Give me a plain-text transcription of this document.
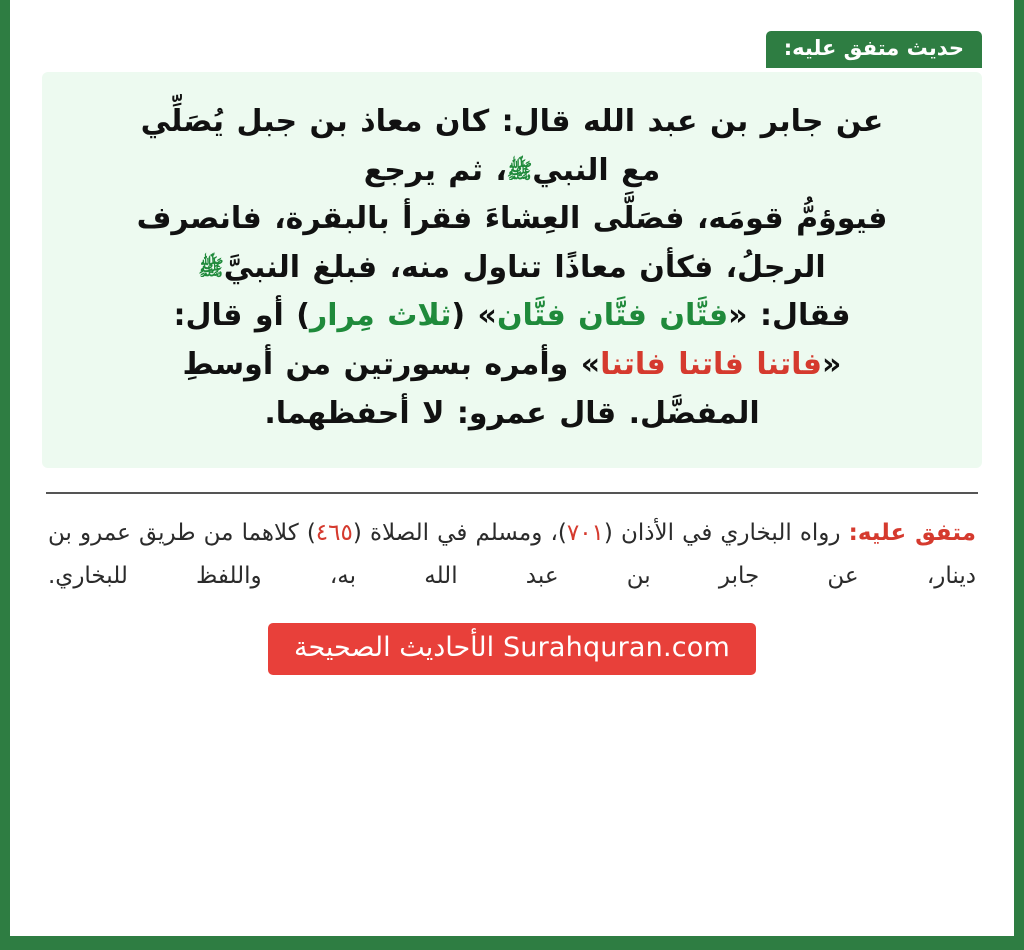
حديث متفق عليه:
عن جابر بن عبد الله قال: كان معاذ بن جبل يُصَلِّي
مع النبيﷺ، ثم يرجع
فيوؤمُّ قومَه، فصَلَّى العِشاءَ فقرأ بالبقرة، فانصرف
الرجلُ، فكأن معاذًا تناول منه، فبلغ النبيَّﷺ
فقال: «فتَّان فتَّان فتَّان» (ثلاث مِرار) أو قال:
«فاتنا فاتنا فاتنا» وأمره بسورتين من أوسطِ
المفضَّل. قال عمرو: لا أحفظهما.
متفق عليه: رواه البخاري في الأذان (٧٠١)، ومسلم في الصلاة (٤٦٥) كلاهما من طريق عمرو بن دينار، عن جابر بن عبد الله به، واللفظ للبخاري.
Surahquran.com الأحاديث الصحيحة
